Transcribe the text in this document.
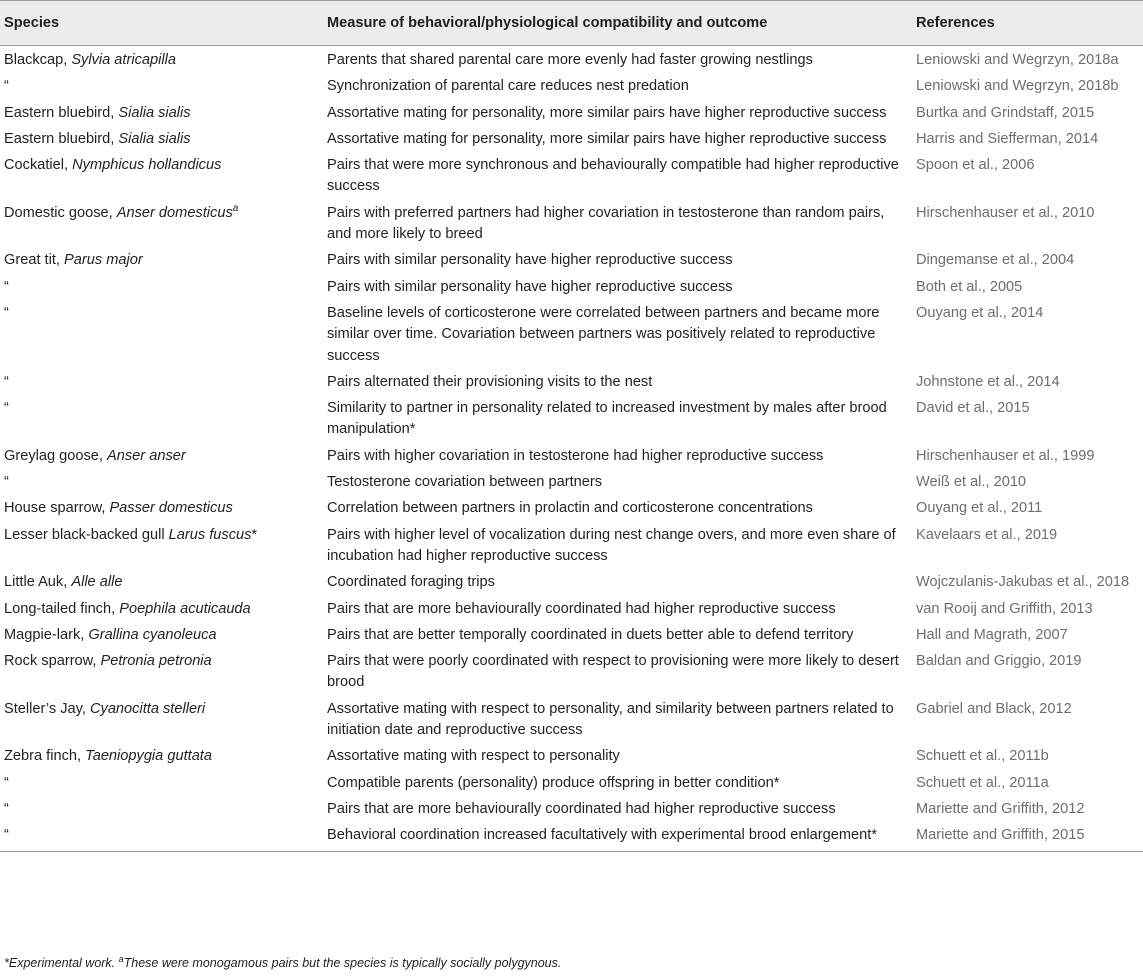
Species	Measure of behavioral/physiological compatibility and outcome	References
Blackcap, Sylvia atricapilla	Parents that shared parental care more evenly had faster growing nestlings	Leniowski and Wegrzyn, 2018a
“	Synchronization of parental care reduces nest predation	Leniowski and Wegrzyn, 2018b
Eastern bluebird, Sialia sialis	Assortative mating for personality, more similar pairs have higher reproductive success	Burtka and Grindstaff, 2015
Eastern bluebird, Sialia sialis	Assortative mating for personality, more similar pairs have higher reproductive success	Harris and Siefferman, 2014
Cockatiel, Nymphicus hollandicus	Pairs that were more synchronous and behaviourally compatible had higher reproductive success	Spoon et al., 2006
Domestic goose, Anser domesticus$^a$	Pairs with preferred partners had higher covariation in testosterone than random pairs, and more likely to breed	Hirschenhauser et al., 2010
Great tit, Parus major	Pairs with similar personality have higher reproductive success	Dingemanse et al., 2004
“	Pairs with similar personality have higher reproductive success	Both et al., 2005
“	Baseline levels of corticosterone were correlated between partners and became more similar over time. Covariation between partners was positively related to reproductive success	Ouyang et al., 2014
“	Pairs alternated their provisioning visits to the nest	Johnstone et al., 2014
“	Similarity to partner in personality related to increased investment by males after brood manipulation*	David et al., 2015
Greylag goose, Anser anser	Pairs with higher covariation in testosterone had higher reproductive success	Hirschenhauser et al., 1999
“	Testosterone covariation between partners	Weiß et al., 2010
House sparrow, Passer domesticus	Correlation between partners in prolactin and corticosterone concentrations	Ouyang et al., 2011
Lesser black-backed gull Larus fuscus*	Pairs with higher level of vocalization during nest change overs, and more even share of incubation had higher reproductive success	Kavelaars et al., 2019
Little Auk, Alle alle	Coordinated foraging trips	Wojczulanis-Jakubas et al., 2018
Long-tailed finch, Poephila acuticauda	Pairs that are more behaviourally coordinated had higher reproductive success	van Rooij and Griffith, 2013
Magpie-lark, Grallina cyanoleuca	Pairs that are better temporally coordinated in duets better able to defend territory	Hall and Magrath, 2007
Rock sparrow, Petronia petronia	Pairs that were poorly coordinated with respect to provisioning were more likely to desert brood	Baldan and Griggio, 2019
Steller’s Jay, Cyanocitta stelleri	Assortative mating with respect to personality, and similarity between partners related to initiation date and reproductive success	Gabriel and Black, 2012
Zebra finch, Taeniopygia guttata	Assortative mating with respect to personality	Schuett et al., 2011b
“	Compatible parents (personality) produce offspring in better condition*	Schuett et al., 2011a
“	Pairs that are more behaviourally coordinated had higher reproductive success	Mariette and Griffith, 2012
“	Behavioral coordination increased facultatively with experimental brood enlargement*	Mariette and Griffith, 2015
*Experimental work. $^a$These were monogamous pairs but the species is typically socially polygynous.
